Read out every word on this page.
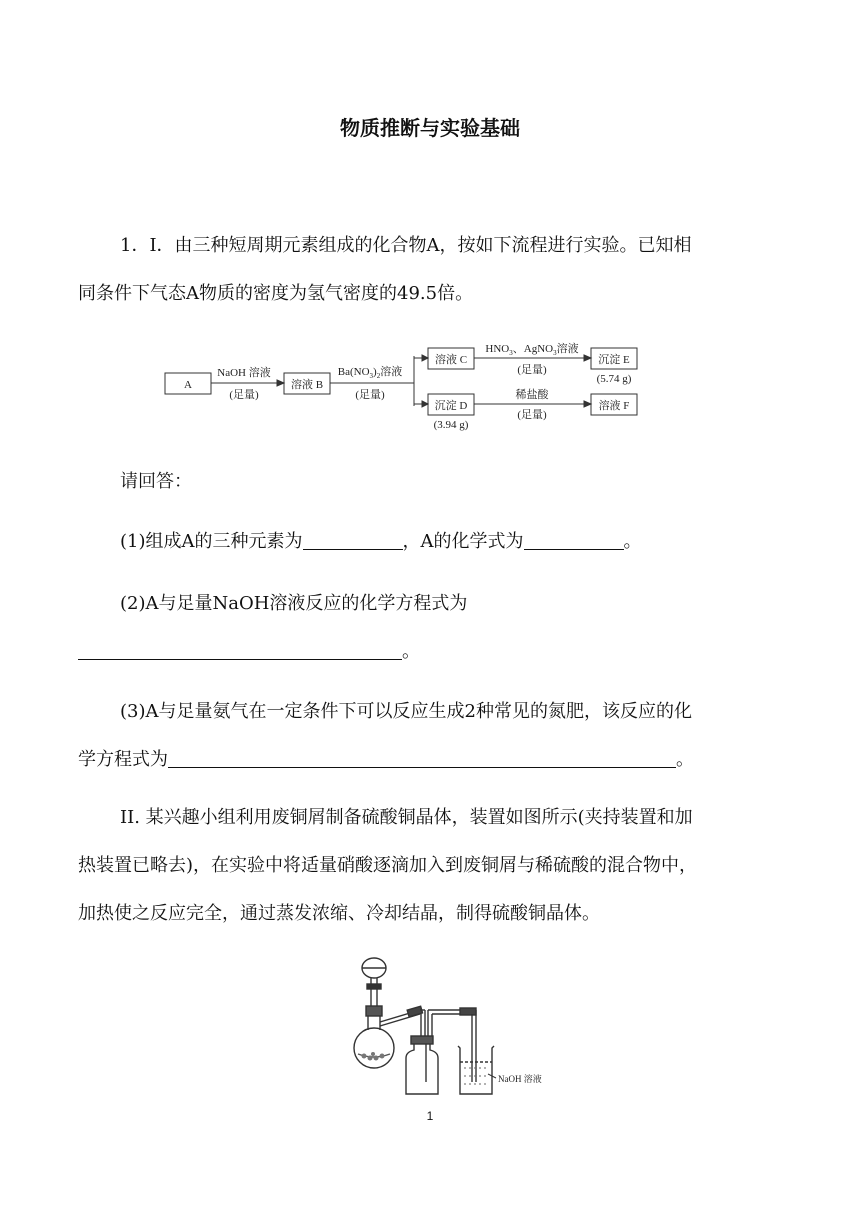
物质推断与实验基础
1．Ⅰ．由三种短周期元素组成的化合物A，按如下流程进行实验。已知相
同条件下气态A物质的密度为氢气密度的49.5倍。
A
NaOH 溶液
(足量)
溶液 B
$Ba(NO_3)_2$溶液
(足量)
溶液 C
$HNO_3$、AgNO$_3$溶液
(足量)
沉淀 E
(5.74 g)
沉淀 D
(3.94 g)
稀盐酸
(足量)
溶液 F
请回答：
(1)组成A的三种元素为	，A的化学式为	。
(2)A与足量NaOH溶液反应的化学方程式为
。
(3)A与足量氨气在一定条件下可以反应生成2种常见的氮肥，该反应的化
学方程式为	。
II. 某兴趣小组利用废铜屑制备硫酸铜晶体，装置如图所示(夹持装置和加
热装置已略去)，在实验中将适量硝酸逐滴加入到废铜屑与稀硫酸的混合物中，
加热使之反应完全，通过蒸发浓缩、冷却结晶，制得硫酸铜晶体。
NaOH 溶液
1
